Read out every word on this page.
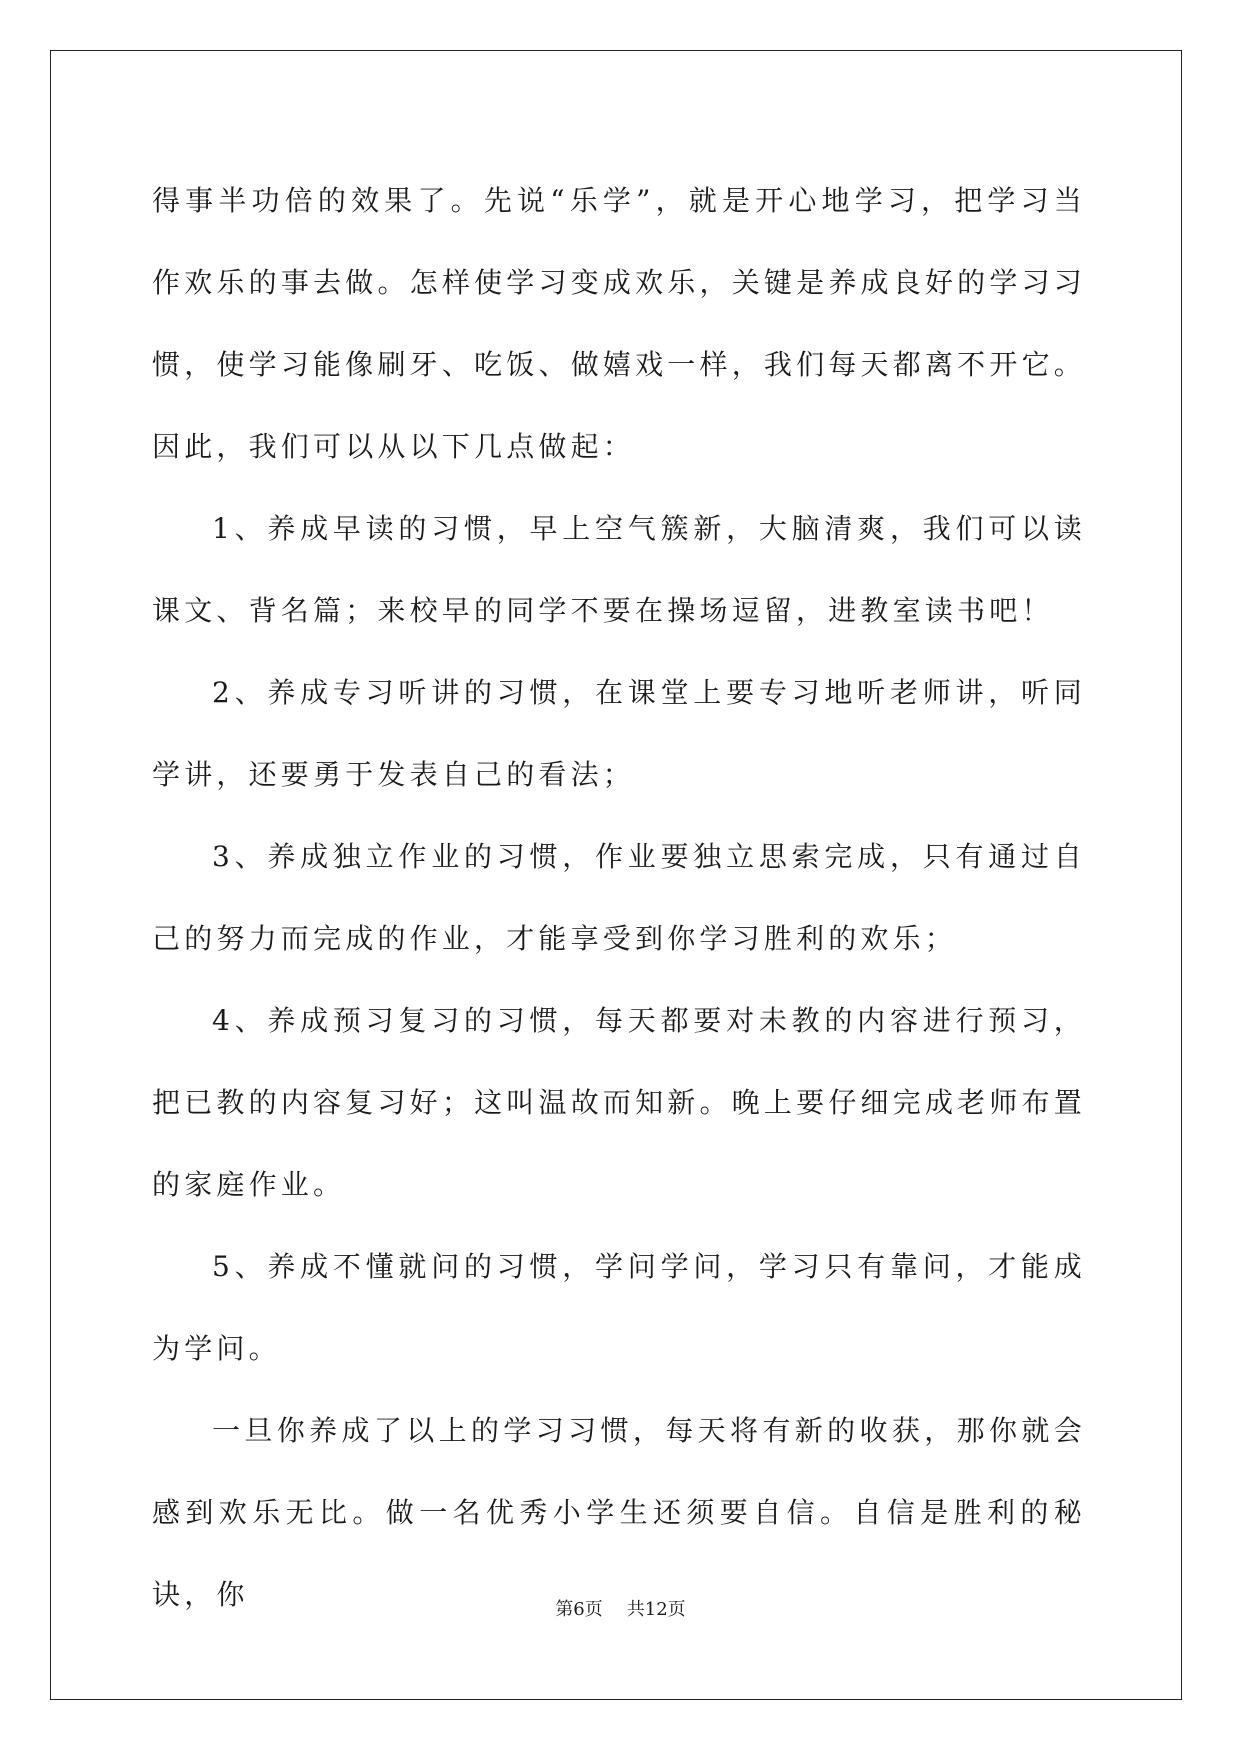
得事半功倍的效果了。先说“乐学”，就是开心地学习，把学习当作欢乐的事去做。怎样使学习变成欢乐，关键是养成良好的学习习惯，使学习能像刷牙、吃饭、做嬉戏一样，我们每天都离不开它。因此，我们可以从以下几点做起：

1、养成早读的习惯，早上空气簇新，大脑清爽，我们可以读课文、背名篇；来校早的同学不要在操场逗留，进教室读书吧！

2、养成专习听讲的习惯，在课堂上要专习地听老师讲，听同学讲，还要勇于发表自己的看法；

3、养成独立作业的习惯，作业要独立思索完成，只有通过自己的努力而完成的作业，才能享受到你学习胜利的欢乐；

4、养成预习复习的习惯，每天都要对未教的内容进行预习，把已教的内容复习好；这叫温故而知新。晚上要仔细完成老师布置的家庭作业。

5、养成不懂就问的习惯，学问学问，学习只有靠问，才能成为学问。

一旦你养成了以上的学习习惯，每天将有新的收获，那你就会感到欢乐无比。做一名优秀小学生还须要自信。自信是胜利的秘诀，你	第6页 共12页
